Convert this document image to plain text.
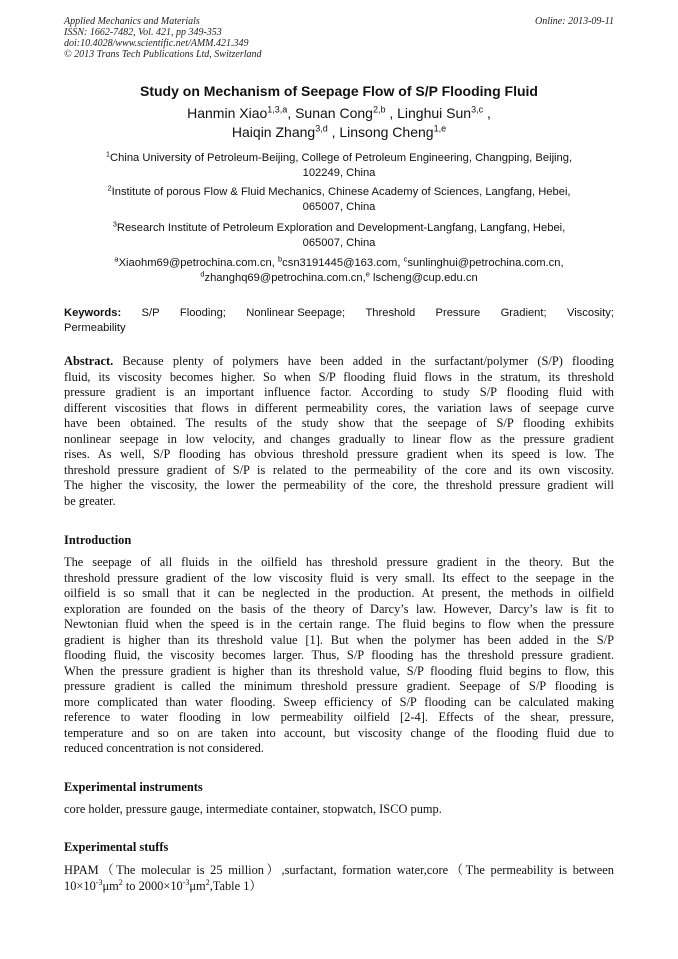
Applied Mechanics and Materials
ISSN: 1662-7482, Vol. 421, pp 349-353
doi:10.4028/www.scientific.net/AMM.421.349
© 2013 Trans Tech Publications Ltd, Switzerland
Online: 2013-09-11
Study on Mechanism of Seepage Flow of S/P Flooding Fluid
Hanmin Xiao$^{1,3,a}$, Sunan Cong$^{2,b}$ , Linghui Sun$^{3,c}$ ,
Haiqin Zhang$^{3,d}$ , Linsong Cheng$^{1,e}$
$^1$China University of Petroleum-Beijing, College of Petroleum Engineering, Changping, Beijing,
102249, China
$^2$Institute of porous Flow & Fluid Mechanics, Chinese Academy of Sciences, Langfang, Hebei,
065007, China
$^3$Research Institute of Petroleum Exploration and Development-Langfang, Langfang, Hebei,
065007, China
$^a$Xiaohm69@petrochina.com.cn, $^b$csn3191445@163.com, $^c$sunlinghui@petrochina.com.cn,
$^d$zhanghq69@petrochina.com.cn,$^e$ lscheng@cup.edu.cn
Keywords: S/P Flooding; Nonlinear Seepage; Threshold Pressure Gradient; Viscosity;
Permeability
Abstract. Because plenty of polymers have been added in the surfactant/polymer (S/P) flooding
fluid, its viscosity becomes higher. So when S/P flooding fluid flows in the stratum, its threshold
pressure gradient is an important influence factor. According to study S/P flooding fluid with
different viscosities that flows in different permeability cores, the variation laws of seepage curve
have been obtained. The results of the study show that the seepage of S/P flooding exhibits
nonlinear seepage in low velocity, and changes gradually to linear flow as the pressure gradient
rises. As well, S/P flooding has obvious threshold pressure gradient when its speed is low. The
threshold pressure gradient of S/P is related to the permeability of the core and its own viscosity.
The higher the viscosity, the lower the permeability of the core, the threshold pressure gradient will
be greater.
Introduction
The seepage of all fluids in the oilfield has threshold pressure gradient in the theory. But the
threshold pressure gradient of the low viscosity fluid is very small. Its effect to the seepage in the
oilfield is so small that it can be neglected in the production. At present, the methods in oilfield
exploration are founded on the basis of the theory of Darcy’s law. However, Darcy’s law is fit to
Newtonian fluid when the speed is in the certain range. The fluid begins to flow when the pressure
gradient is higher than its threshold value [1]. But when the polymer has been added in the S/P
flooding fluid, the viscosity becomes larger. Thus, S/P flooding has the threshold pressure gradient.
When the pressure gradient is higher than its threshold value, S/P flooding fluid begins to flow, this
pressure gradient is called the minimum threshold pressure gradient. Seepage of S/P flooding is
more complicated than water flooding. Sweep efficiency of S/P flooding can be calculated making
reference to water flooding in low permeability oilfield [2-4]. Effects of the shear, pressure,
temperature and so on are taken into account, but viscosity change of the flooding fluid due to
reduced concentration is not considered.
Experimental instruments
core holder, pressure gauge, intermediate container, stopwatch, ISCO pump.
Experimental stuffs
HPAM（The molecular is 25 million）,surfactant, formation water,core（The permeability is between
$10\times 10^{-3}\mu m^2$ to $2000\times 10^{-3}\mu m^2,Table$ 1）
